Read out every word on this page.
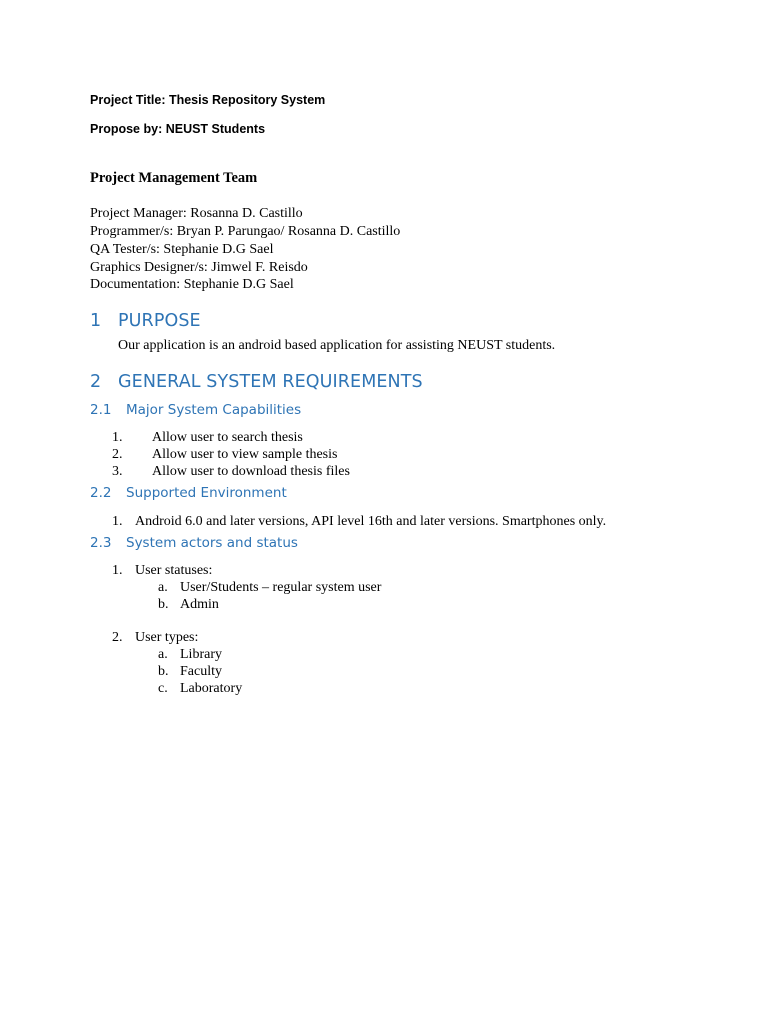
Project Title: Thesis Repository System
Propose by: NEUST Students
Project Management Team
Project Manager: Rosanna D. Castillo
Programmer/s: Bryan P. Parungao/ Rosanna D. Castillo
QA Tester/s: Stephanie D.G Sael
Graphics Designer/s: Jimwel F. Reisdo
Documentation: Stephanie D.G Sael
1 PURPOSE
Our application is an android based application for assisting NEUST students.
2 GENERAL SYSTEM REQUIREMENTS
2.1 Major System Capabilities
1. Allow user to search thesis
2. Allow user to view sample thesis
3. Allow user to download thesis files
2.2 Supported Environment
1. Android 6.0 and later versions, API level 16th and later versions. Smartphones only.
2.3 System actors and status
1. User statuses:
a. User/Students – regular system user
b. Admin
2. User types:
a. Library
b. Faculty
c. Laboratory
